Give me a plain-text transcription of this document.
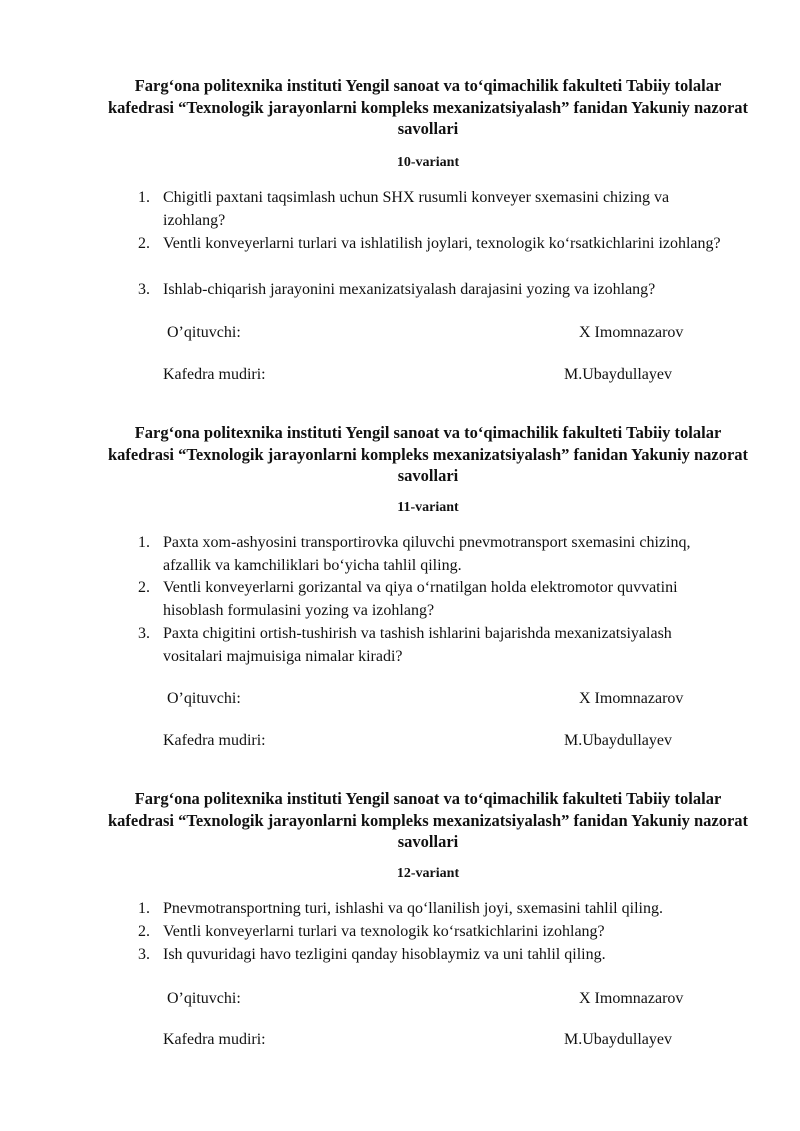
Farg‘ona politexnika instituti Yengil sanoat va to‘qimachilik fakulteti Tabiiy tolalar kafedrasi “Texnologik jarayonlarni kompleks mexanizatsiyalash” fanidan Yakuniy nazorat savollari
10-variant
1. Chigitli paxtani taqsimlash uchun SHX rusumli konveyer sxemasini chizing va izohlang?
2. Ventli konveyerlarni turlari va ishlatilish joylari, texnologik koʻrsatkichlarini izohlang?
3. Ishlab-chiqarish jarayonini mexanizatsiyalash darajasini yozing va izohlang?
O’qituvchi:	X Imomnazarov
Kafedra mudiri:	M.Ubaydullayev
Farg‘ona politexnika instituti Yengil sanoat va to‘qimachilik fakulteti Tabiiy tolalar kafedrasi “Texnologik jarayonlarni kompleks mexanizatsiyalash” fanidan Yakuniy nazorat savollari
11-variant
1. Paxta xom-ashyosini transportirovka qiluvchi pnevmotransport sxemasini chizinq, afzallik va kamchiliklari boʻyicha tahlil qiling.
2. Ventli konveyerlarni gorizantal va qiya oʻrnatilgan holda elektromotor quvvatini hisoblash formulasini yozing va izohlang?
3. Paxta chigitini ortish-tushirish va tashish ishlarini bajarishda mexanizatsiyalash vositalari majmuisiga nimalar kiradi?
O’qituvchi:	X Imomnazarov
Kafedra mudiri:	M.Ubaydullayev
Farg‘ona politexnika instituti Yengil sanoat va to‘qimachilik fakulteti Tabiiy tolalar kafedrasi “Texnologik jarayonlarni kompleks mexanizatsiyalash” fanidan Yakuniy nazorat savollari
12-variant
1. Pnevmotransportning turi, ishlashi va qoʻllanilish joyi, sxemasini tahlil qiling.
2. Ventli konveyerlarni turlari va texnologik koʻrsatkichlarini izohlang?
3. Ish quvuridagi havo tezligini qanday hisoblaymiz va uni tahlil qiling.
O’qituvchi:	X Imomnazarov
Kafedra mudiri:	M.Ubaydullayev
